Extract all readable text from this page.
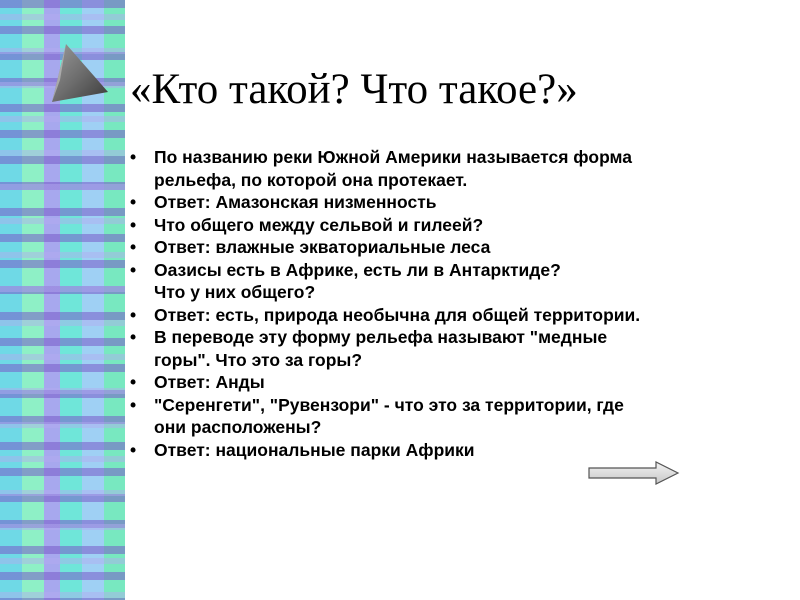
«Кто такой? Что такое?»
•	По названию реки Южной Америки называется форма
рельефа, по которой она протекает.
•	Ответ: Амазонская низменность
•	Что общего между сельвой и гилеей?
•	Ответ: влажные экваториальные леса
•	Оазисы есть в Африке, есть ли в Антарктиде?
Что у них общего?
•	Ответ: есть, природа необычна для общей территории.
•	В переводе эту форму рельефа называют "медные
горы". Что это за горы?
•	Ответ: Анды
•	"Серенгети", "Рувензори" - что это за территории, где
они расположены?
•	Ответ: национальные парки Африки
